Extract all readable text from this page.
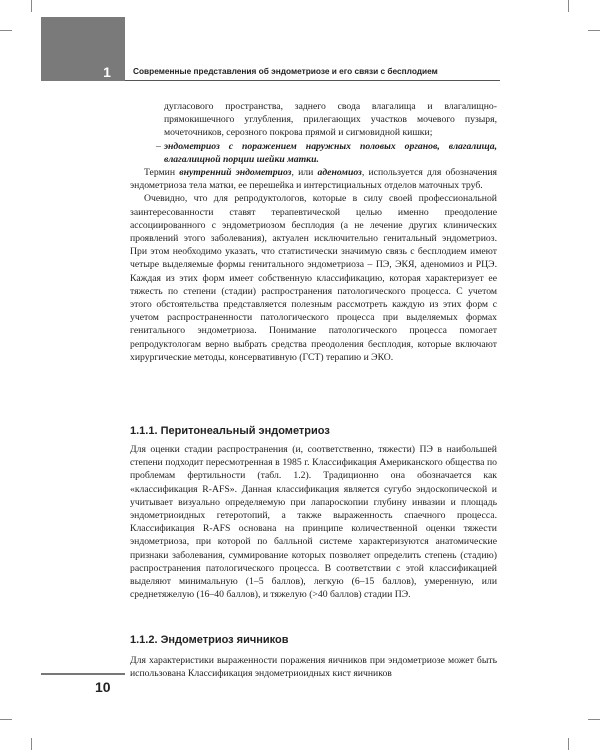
1	Современные представления об эндометриозе и его связи с бесплодием

дугласового пространства, заднего свода влагалища и влагалищно-прямокишечного углубления, прилегающих участков мочевого пузыря, мочеточников, серозного покрова прямой и сигмовидной кишки;

– эндометриоз с поражением наружных половых органов, влагалища, влагалищной порции шейки матки.

Термин внутренний эндометриоз, или аденомиоз, используется для обозначения эндометриоза тела матки, ее перешейка и интерстициальных отделов маточных труб.

Очевидно, что для репродуктологов, которые в силу своей профессиональной заинтересованности ставят терапевтической целью именно преодоление ассоциированного с эндометриозом бесплодия (а не лечение других клинических проявлений этого заболевания), актуален исключительно генитальный эндометриоз. При этом необходимо указать, что статистически значимую связь с бесплодием имеют четыре выделяемые формы генитального эндометриоза – ПЭ, ЭКЯ, аденомиоз и РЦЭ. Каждая из этих форм имеет собственную классификацию, которая характеризует ее тяжесть по степени (стадии) распространения патологического процесса. С учетом этого обстоятельства представляется полезным рассмотреть каждую из этих форм с учетом распространенности патологического процесса при выделяемых формах генитального эндометриоза. Понимание патологического процесса помогает репродуктологам верно выбрать средства преодоления бесплодия, которые включают хирургические методы, консервативную (ГСТ) терапию и ЭКО.

1.1.1. Перитонеальный эндометриоз

Для оценки стадии распространения (и, соответственно, тяжести) ПЭ в наибольшей степени подходит пересмотренная в 1985 г. Классификация Американского общества по проблемам фертильности (табл. 1.2). Традиционно она обозначается как «классификация R-AFS». Данная классификация является сугубо эндоскопической и учитывает визуально определяемую при лапароскопии глубину инвазии и площадь эндометриоидных гетеротопий, а также выраженность спаечного процесса. Классификация R-AFS основана на принципе количественной оценки тяжести эндометриоза, при которой по балльной системе характеризуются анатомические признаки заболевания, суммирование которых позволяет определить степень (стадию) распространения патологического процесса. В соответствии с этой классификацией выделяют минимальную (1–5 баллов), легкую (6–15 баллов), умеренную, или среднетяжелую (16–40 баллов), и тяжелую (>40 баллов) стадии ПЭ.

1.1.2. Эндометриоз яичников

Для характеристики выраженности поражения яичников при эндометриозе может быть использована Классификация эндометриоидных кист яичников

10
